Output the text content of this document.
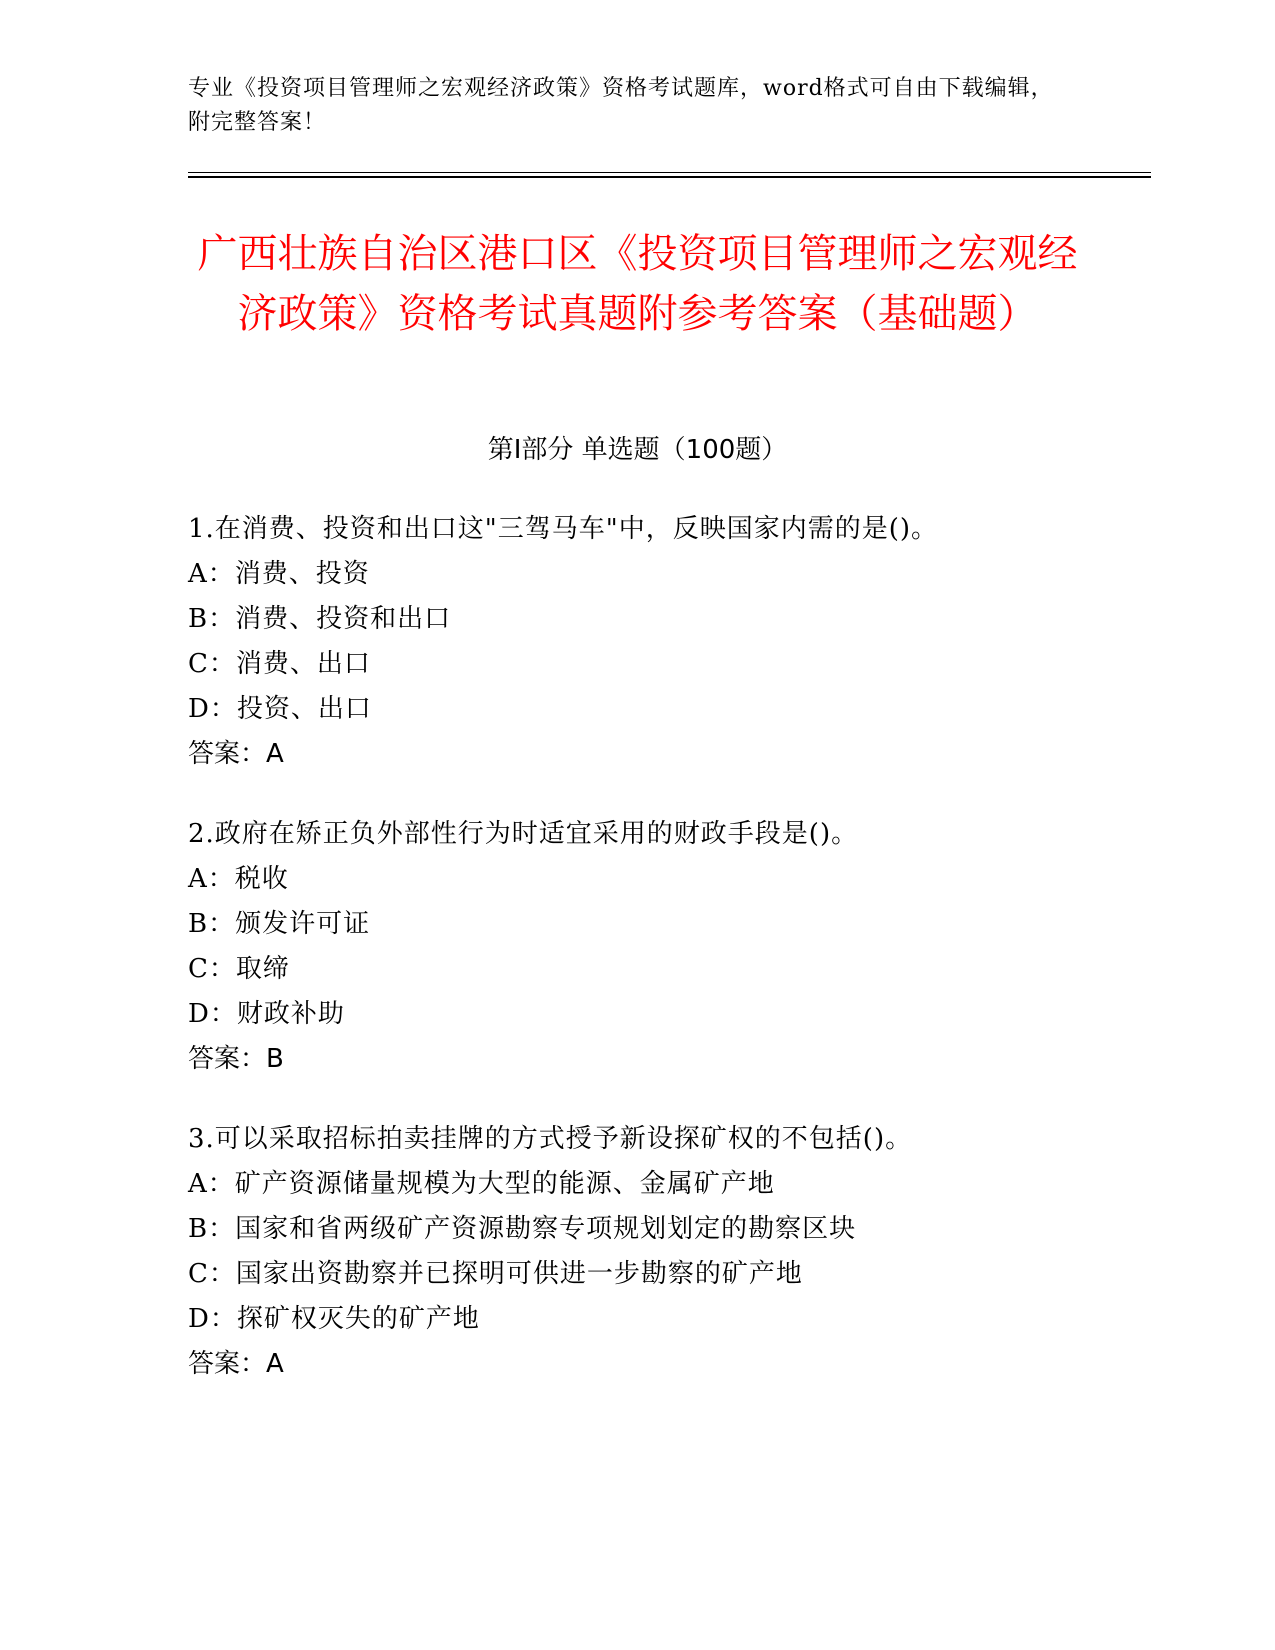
专业《投资项目管理师之宏观经济政策》资格考试题库，word格式可自由下载编辑，附完整答案！
广西壮族自治区港口区《投资项目管理师之宏观经济政策》资格考试真题附参考答案（基础题）
第Ⅰ部分 单选题（100题）
1.在消费、投资和出口这"三驾马车"中，反映国家内需的是()。
A：消费、投资
B：消费、投资和出口
C：消费、出口
D：投资、出口
答案：A
2.政府在矫正负外部性行为时适宜采用的财政手段是()。
A：税收
B：颁发许可证
C：取缔
D：财政补助
答案：B
3.可以采取招标拍卖挂牌的方式授予新设探矿权的不包括()。
A：矿产资源储量规模为大型的能源、金属矿产地
B：国家和省两级矿产资源勘察专项规划划定的勘察区块
C：国家出资勘察并已探明可供进一步勘察的矿产地
D：探矿权灭失的矿产地
答案：A
